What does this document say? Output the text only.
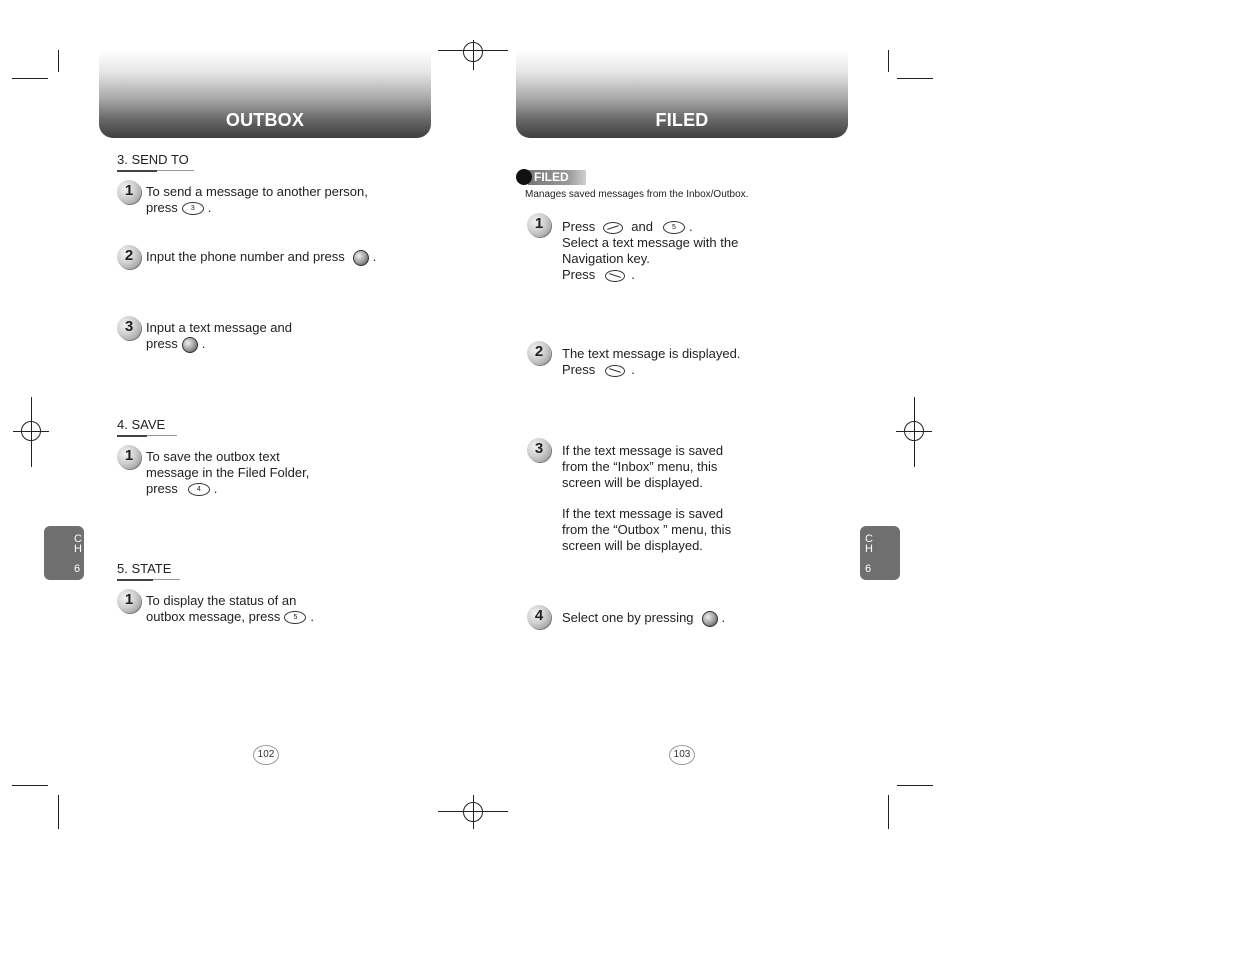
OUTBOX
3. SEND TO
1 To send a message to another person,
press 3 .
2 Input the phone number and press .
3 Input a text message and
press .
4. SAVE
1 To save the outbox text
message in the Filed Folder,
press	4 .
5. STATE
1 To display the status of an
outbox message, press 5 .
C
H
6
102
FILED
FILED
Manages saved messages from the Inbox/Outbox.
1	Press	and	5 .
Select a text message with the
Navigation key.
Press	.
2	The text message is displayed.
Press	.
3	If the text message is saved
from the “Inbox” menu, this
screen will be displayed.
If the text message is saved
from the “Outbox ” menu, this
screen will be displayed.
4	Select one by pressing .
C
H
6
103
